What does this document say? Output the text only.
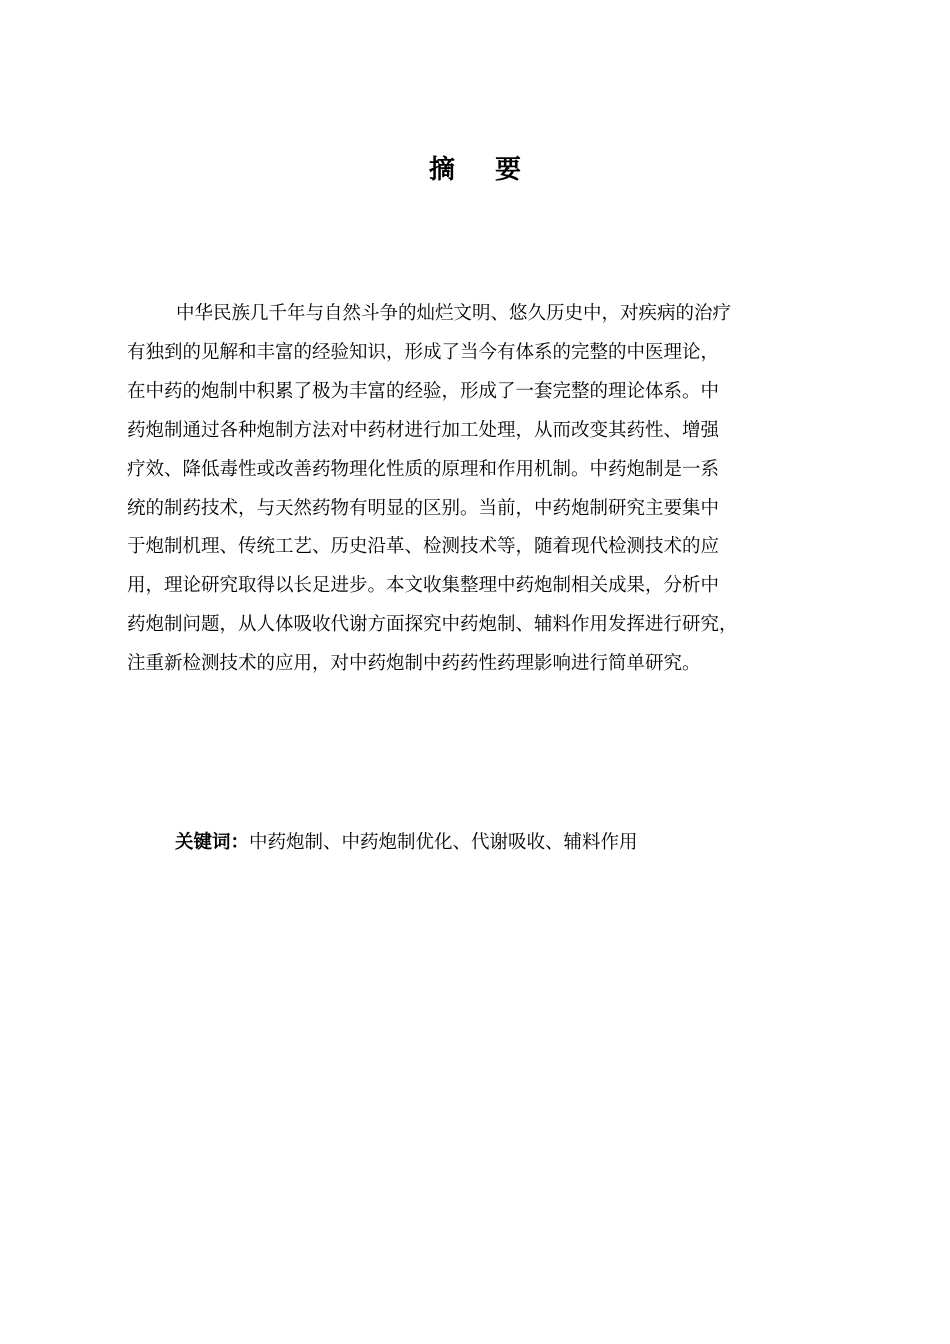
摘 要
中华民族几千年与自然斗争的灿烂文明、悠久历史中，对疾病的治疗
有独到的见解和丰富的经验知识，形成了当今有体系的完整的中医理论，
在中药的炮制中积累了极为丰富的经验，形成了一套完整的理论体系。中
药炮制通过各种炮制方法对中药材进行加工处理，从而改变其药性、增强
疗效、降低毒性或改善药物理化性质的原理和作用机制。中药炮制是一系
统的制药技术，与天然药物有明显的区别。当前，中药炮制研究主要集中
于炮制机理、传统工艺、历史沿革、检测技术等，随着现代检测技术的应
用，理论研究取得以长足进步。本文收集整理中药炮制相关成果，分析中
药炮制问题，从人体吸收代谢方面探究中药炮制、辅料作用发挥进行研究，
注重新检测技术的应用，对中药炮制中药药性药理影响进行简单研究。
关键词：中药炮制、中药炮制优化、代谢吸收、辅料作用
